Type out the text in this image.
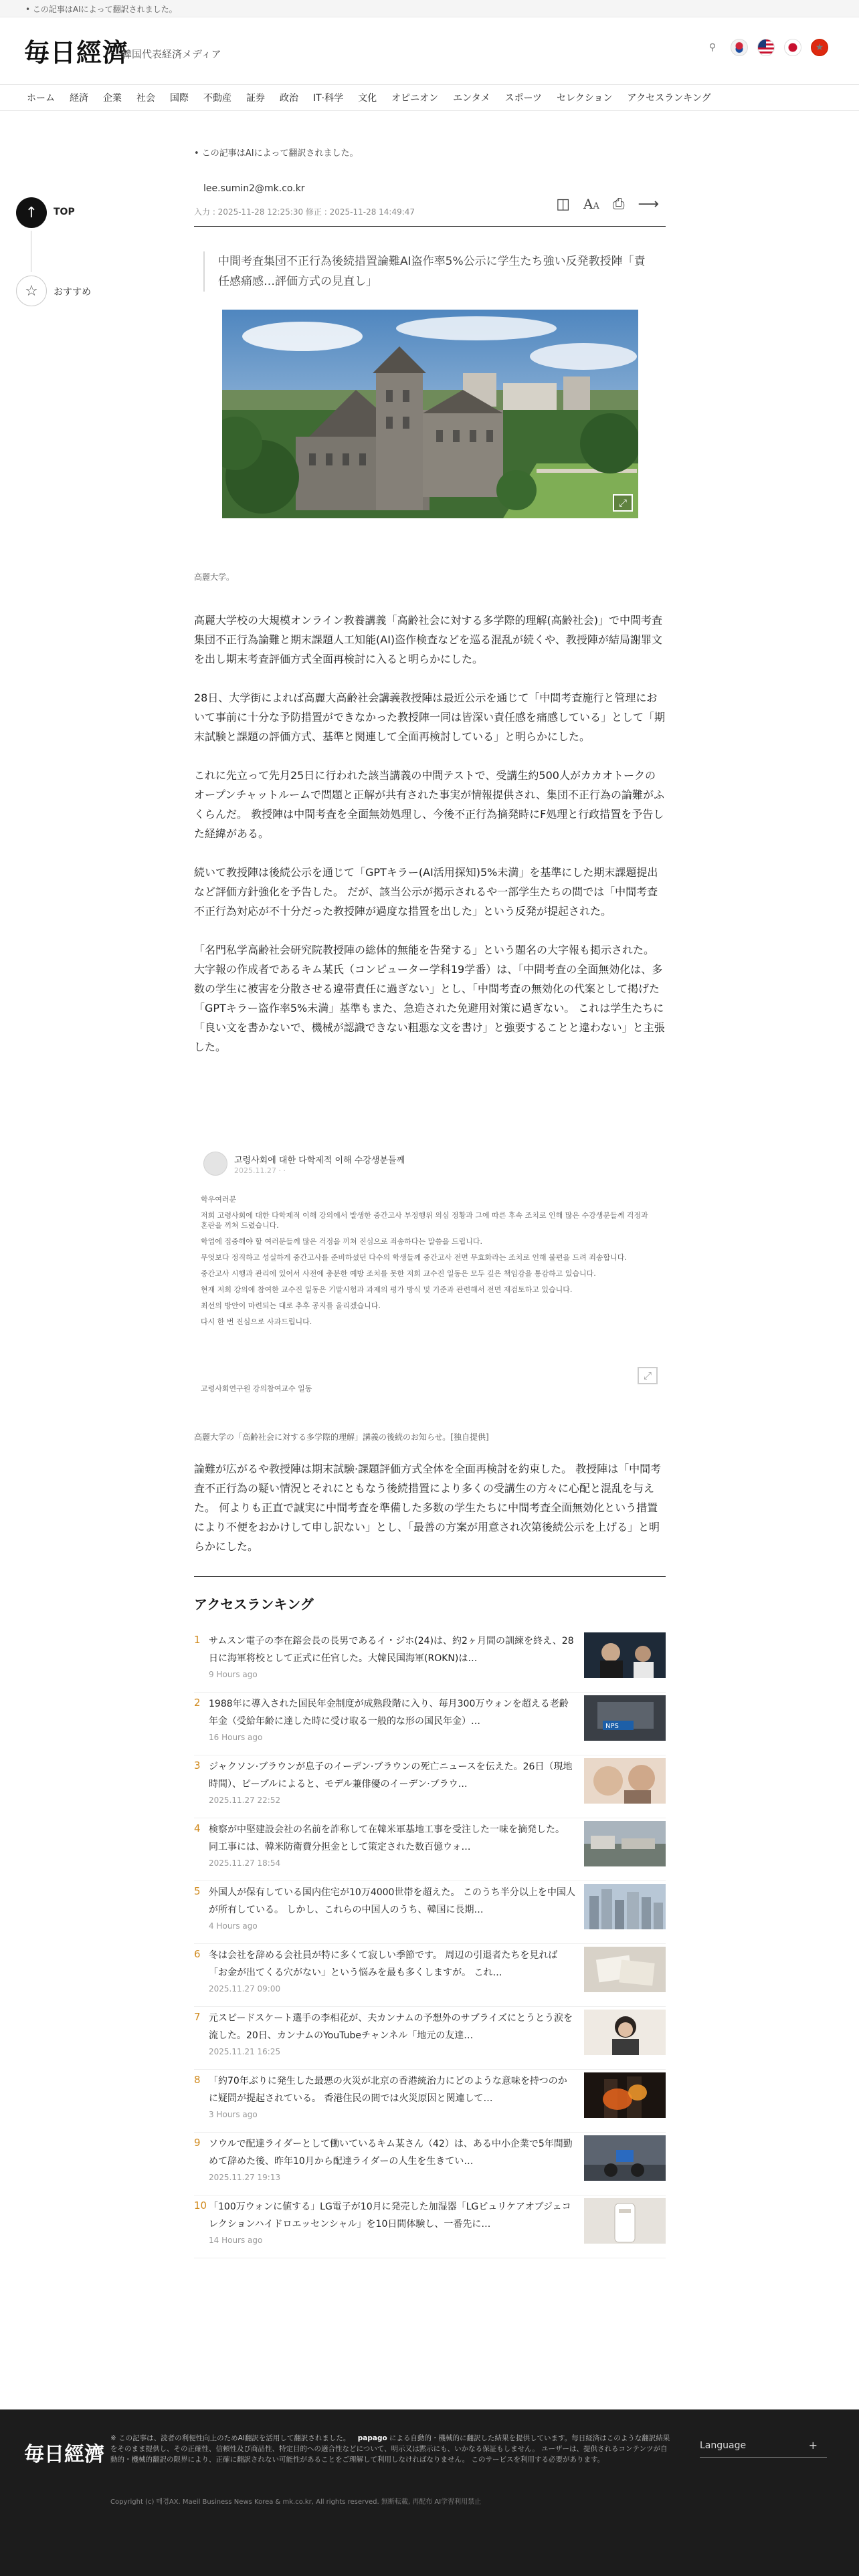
• この記事はAIによって翻訳されました。
毎日經濟
韓国代表経済メディア
⚲	★
ホーム 経済 企業 社会 国際 不動産 証券 政治 IT·科学 文化 オピニオン エンタメ スポーツ セレクション アクセスランキング
↑ TOP
☆ おすすめ
• この記事はAIによって翻訳されました。
lee.sumin2@mk.co.kr
入力 : 2025-11-28 12:25:30 修正 : 2025-11-28 14:49:47	◫ AA ⎙ ⟶
中間考査集団不正行為後続措置論難AI盗作率5%公示に学生たち強い反発教授陣「責任感痛感…評価方式の見直し」
⤢
高麗大学。

高麗大学校の大規模オンライン教養講義「高齢社会に対する多学際的理解(高齢社会)」で中間考査集団不正行為論難と期末課題人工知能(AI)盗作検査などを巡る混乱が続くや、教授陣が結局謝罪文を出し期末考査評価方式全面再検討に入ると明らかにした。

28日、大学街によれば高麗大高齢社会講義教授陣は最近公示を通じて「中間考査施行と管理において事前に十分な予防措置ができなかった教授陣一同は皆深い責任感を痛感している」として「期末試験と課題の評価方式、基準と関連して全面再検討している」と明らかにした。

これに先立って先月25日に行われた該当講義の中間テストで、受講生約500人がカカオトークのオープンチャットルームで問題と正解が共有された事実が情報提供され、集団不正行為の論難がふくらんだ。 教授陣は中間考査を全面無効処理し、今後不正行為摘発時にF処理と行政措置を予告した経緯がある。

続いて教授陣は後続公示を通じて「GPTキラー(AI活用探知)5%未満」を基準にした期末課題提出など評価方針強化を予告した。 だが、該当公示が掲示されるや一部学生たちの間では「中間考査不正行為対応が不十分だった教授陣が過度な措置を出した」という反発が提起された。

「名門私学高齢社会研究院教授陣の総体的無能を告発する」という題名の大字報も掲示された。 大字報の作成者であるキム某氏（コンピューター学科19学番）は、「中間考査の全面無効化は、多数の学生に被害を分散させる違帯責任に過ぎない」とし、「中間考査の無効化の代案として掲げた「GPTキラー盗作率5%未満」基準もまた、急造された免避用対策に過ぎない。 これは学生たちに「良い文を書かないで、機械が認識できない粗悪な文を書け」と強要することと違わない」と主張した。

고령사회에 대한 다학제적 이해 수강생분들께
2025.11.27 · ·
학우여러분
저희 고령사회에 대한 다학제적 이해 강의에서 발생한 중간고사 부정행위 의심 정황과 그에 따른 후속 조치로 인해 많은 수강생분들께 걱정과 혼란을 끼쳐 드렸습니다.
학업에 집중해야 할 여러분들께 많은 걱정을 끼쳐 진심으로 죄송하다는 말씀을 드립니다.
무엇보다 정직하고 성실하게 중간고사를 준비하셨던 다수의 학생들께 중간고사 전면 무효화라는 조치로 인해 불편을 드려 죄송합니다.
중간고사 시행과 관리에 있어서 사전에 충분한 예방 조치를 못한 저희 교수진 일동은 모두 깊은 책임감을 통감하고 있습니다.
현재 저희 강의에 참여한 교수진 일동은 기말시험과 과제의 평가 방식 및 기준과 관련해서 전면 재검토하고 있습니다.
최선의 방안이 마련되는 대로 추후 공지를 올리겠습니다.
다시 한 번 진심으로 사과드립니다.
⤢
고령사회연구원 강의참여교수 일동
高麗大学の「高齢社会に対する多学際的理解」講義の後続のお知らせ。[独自提供]
論難が広がるや教授陣は期末試験·課題評価方式全体を全面再検討を約束した。 教授陣は「中間考査不正行為の疑い情況とそれにともなう後続措置により多くの受講生の方々に心配と混乱を与えた。 何よりも正直で誠実に中間考査を準備した多数の学生たちに中間考査全面無効化という措置により不便をおかけして申し訳ない」とし、「最善の方案が用意され次第後続公示を上げる」と明らかにした。
アクセスランキング
1 サムスン電子の李在鎔会長の長男であるイ・ジホ(24)は、約2ヶ月間の訓練を終え、28日に海軍将校として正式に任官した。大韓民国海軍(ROKN)は…
9 Hours ago
2 1988年に導入された国民年金制度が成熟段階に入り、毎月300万ウォンを超える老齢年金（受給年齢に達した時に受け取る一般的な形の国民年金）…
16 Hours ago
NPS
3 ジャクソン·ブラウンが息子のイーデン·ブラウンの死亡ニュースを伝えた。26日（現地時間）、ピープルによると、モデル兼俳優のイーデン·ブラウ…
2025.11.27 22:52
4 検察が中堅建設会社の名前を詐称して在韓米軍基地工事を受注した一味を摘発した。 同工事には、韓米防衛費分担金として策定された数百億ウォ…
2025.11.27 18:54
5 外国人が保有している国内住宅が10万4000世帯を超えた。 このうち半分以上を中国人が所有している。 しかし、これらの中国人のうち、韓国に長期…
4 Hours ago
6 冬は会社を辞める会社員が特に多くて寂しい季節です。 周辺の引退者たちを見れば「お金が出てくる穴がない」という悩みを最も多くしますが。 これ…
2025.11.27 09:00
7 元スピードスケート選手の李相花が、夫カンナムの予想外のサプライズにとうとう涙を流した。20日、カンナムのYouTubeチャンネル「地元の友達…
2025.11.21 16:25
8 「約70年ぶりに発生した最悪の火災が北京の香港統治力にどのような意味を持つのかに疑問が提起されている。 香港住民の間では火災原因と関連して…
3 Hours ago
9 ソウルで配達ライダーとして働いているキム某さん（42）は、ある中小企業で5年間勤めて辞めた後、昨年10月から配達ライダーの人生を生きてい…
2025.11.27 19:13
10 「100万ウォンに値する」LG電子が10月に発売した加湿器「LGピュリケアオブジェコレクションハイドロエッセンシャル」を10日間体験し、一番先に…
14 Hours ago
毎日經濟
※ この記事は、読者の利便性向上のためAI翻訳を活用して翻訳されました。 papago による自動的・機械的に翻訳した結果を提供しています。毎日経済はこのような翻訳結果をそのまま提供し、その正確性、信頼性及び商品性、特定目的への適合性などについて、明示又は黙示にも、いかなる保証もしません。 ユーザーは、提供されるコンテンツが自動的・機械的翻訳の限界により、正確に翻訳されない可能性があることをご理解して利用しなければなりません。 このサービスを利用する必要があります。
Language	+
Copyright (c) 매경AX. Maeil Business News Korea & mk.co.kr, All rights reserved. 無断転載, 再配布 AI学習利用禁止
